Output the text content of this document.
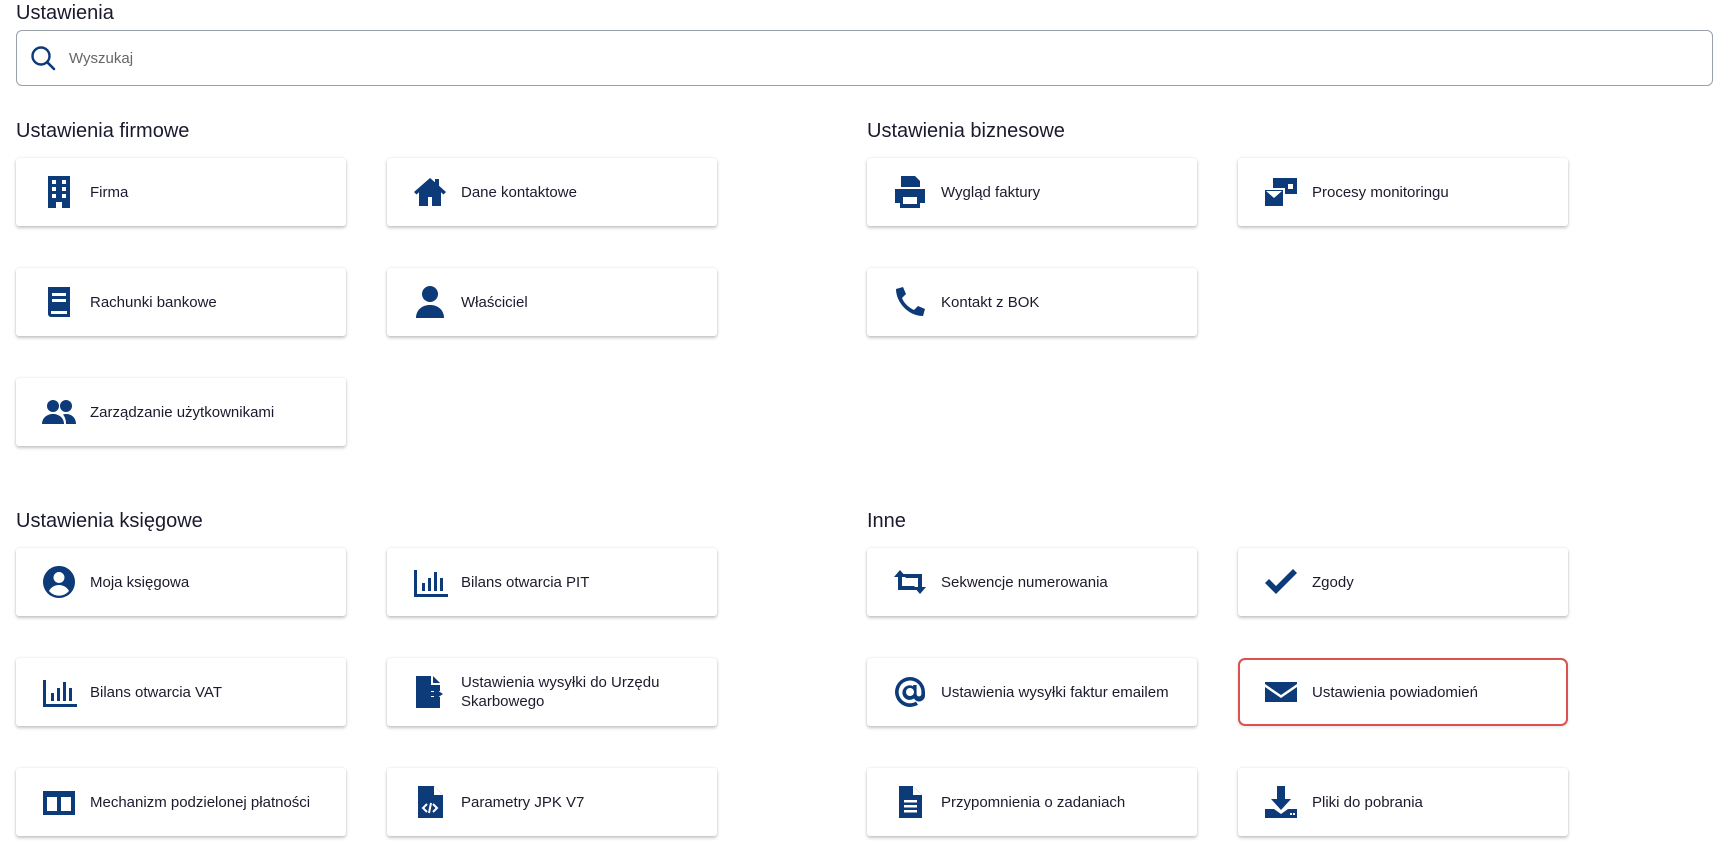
Ustawienia
Wyszukaj
Ustawienia firmowe
Firma	Dane kontaktowe
Rachunki bankowe	Właściciel
Zarządzanie użytkownikami
Ustawienia biznesowe
Wygląd faktury	Procesy monitoringu
Kontakt z BOK
Ustawienia księgowe
Moja księgowa	Bilans otwarcia PIT
Bilans otwarcia VAT
Ustawienia wysyłki do Urzędu Skarbowego
Mechanizm podzielonej płatności	Parametry JPK V7
Inne
Sekwencje numerowania	Zgody
Ustawienia wysyłki faktur emailem	Ustawienia powiadomień
Przypomnienia o zadaniach	Pliki do pobrania
